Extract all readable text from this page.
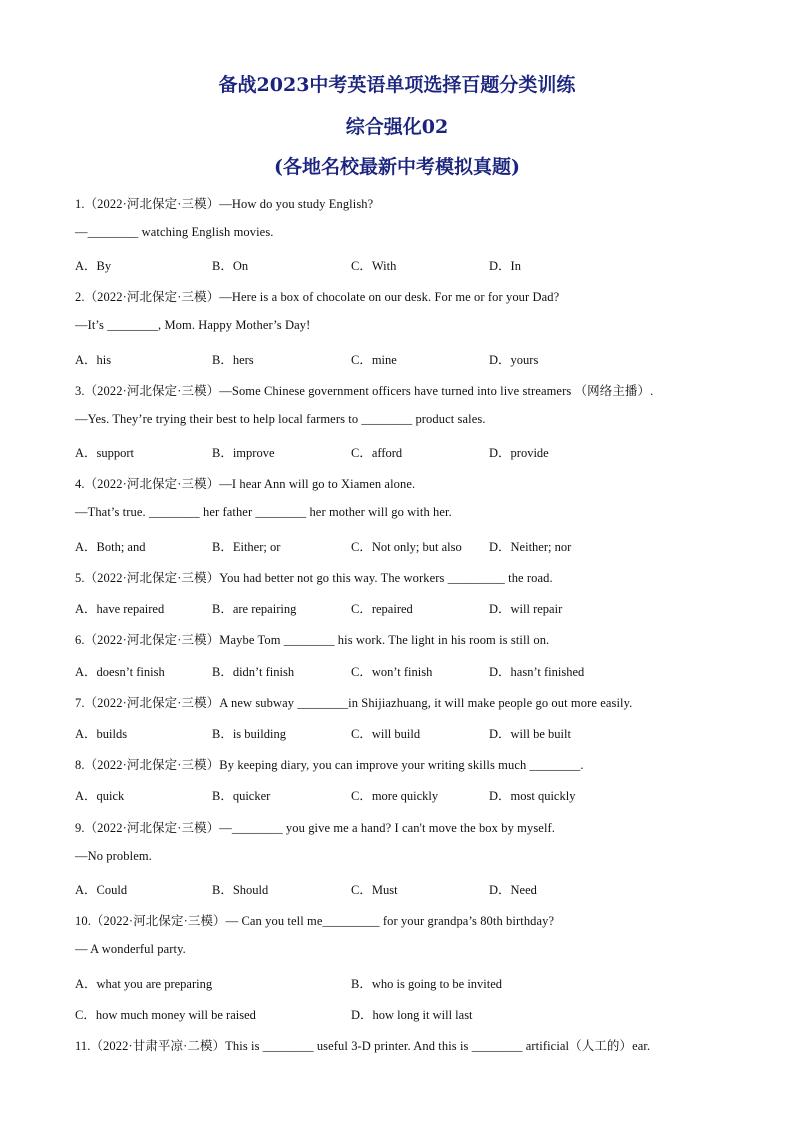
备战2023中考英语单项选择百题分类训练
综合强化02
(各地名校最新中考模拟真题)
1.（2022·河北保定·三模）—How do you study English?
—________ watching English movies.
A．By	B．On	C．With	D．In
2.（2022·河北保定·三模）—Here is a box of chocolate on our desk. For me or for your Dad?
—It’s ________, Mom. Happy Mother’s Day!
A．his	B．hers	C．mine	D．yours
3.（2022·河北保定·三模）—Some Chinese government officers have turned into live streamers （网络主播）.
—Yes. They’re trying their best to help local farmers to ________ product sales.
A．support	B．improve	C．afford	D．provide
4.（2022·河北保定·三模）—I hear Ann will go to Xiamen alone.
—That’s true. ________ her father ________ her mother will go with her.
A．Both; and	B．Either; or	C．Not only; but also D．Neither; nor
5.（2022·河北保定·三模）You had better not go this way. The workers _________ the road.
A．have repaired	B．are repairing	C．repaired	D．will repair
6.（2022·河北保定·三模）Maybe Tom ________ his work. The light in his room is still on.
A．doesn’t finish	B．didn’t finish	C．won’t finish	D．hasn’t finished
7.（2022·河北保定·三模）A new subway ________in Shijiazhuang, it will make people go out more easily.
A．builds	B．is building	C．will build	D．will be built
8.（2022·河北保定·三模）By keeping diary, you can improve your writing skills much ________.
A．quick	B．quicker	C．more quickly	D．most quickly
9.（2022·河北保定·三模）—________ you give me a hand? I can't move the box by myself.
—No problem.
A．Could	B．Should	C．Must	D．Need
10.（2022·河北保定·三模）— Can you tell me_________ for your grandpa’s 80th birthday?
— A wonderful party.
A．what you are preparing	B．who is going to be invited
C．how much money will be raised	D．how long it will last
11.（2022·甘肃平凉·二模）This is ________ useful 3-D printer. And this is ________ artificial（人工的）ear.
